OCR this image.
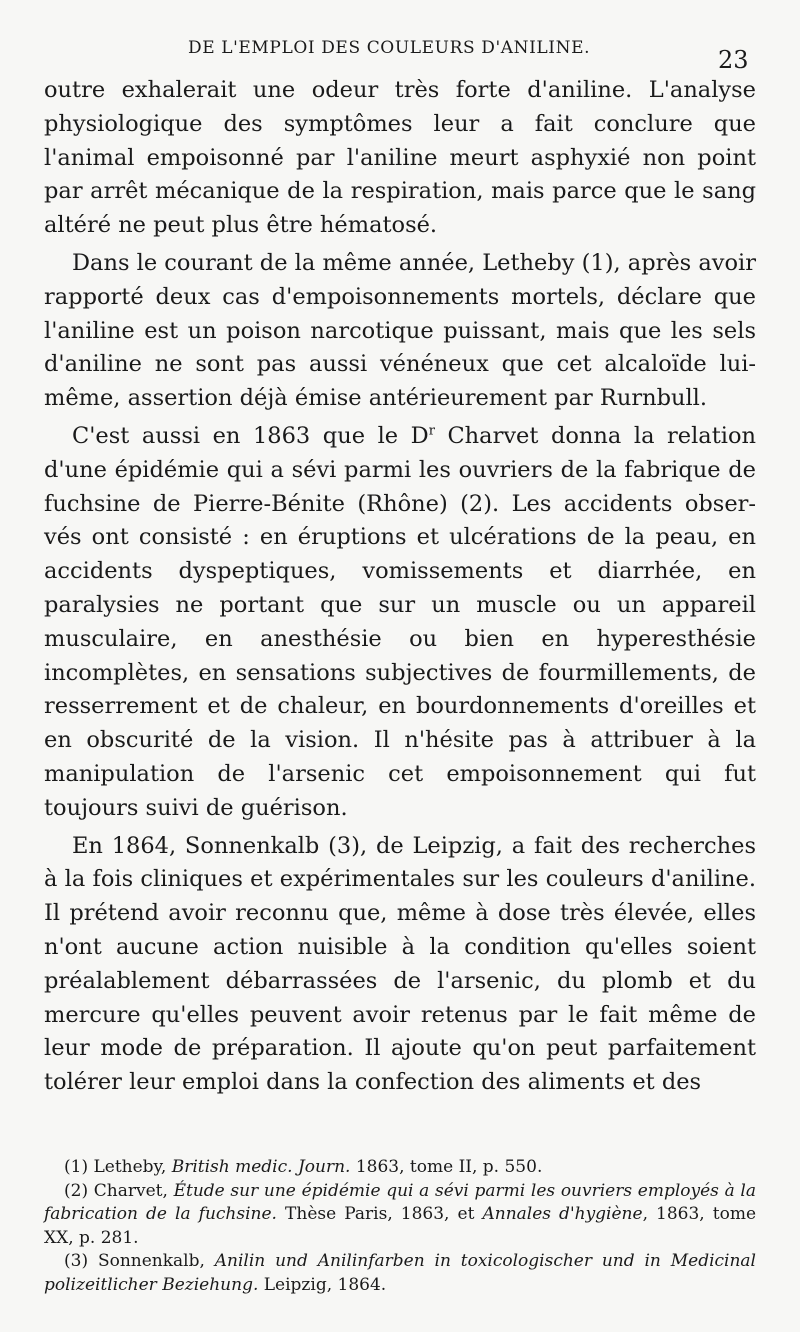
DE L'EMPLOI DES COULEURS D'ANILINE.	23

outre exhalerait une odeur très forte d'aniline. L'analyse physiologique des symptômes leur a fait conclure que l'animal empoisonné par l'aniline meurt asphyxié non point par arrêt mécanique de la respiration, mais parce que le sang altéré ne peut plus être hématosé.

Dans le courant de la même année, Letheby (1), après avoir rapporté deux cas d'empoisonnements mortels, déclare que l'aniline est un poison narcotique puissant, mais que les sels d'aniline ne sont pas aussi vénéneux que cet alcaloïde lui-même, assertion déjà émise antérieurement par Rurnbull.

C'est aussi en 1863 que le $D^r$ Charvet donna la relation d'une épidémie qui a sévi parmi les ouvriers de la fabrique de fuchsine de Pierre-Bénite (Rhône) (2). Les accidents obser- vés ont consisté : en éruptions et ulcérations de la peau, en accidents dyspeptiques, vomissements et diarrhée, en paralysies ne portant que sur un muscle ou un appareil musculaire, en anesthésie ou bien en hyperesthésie incomplètes, en sensations subjectives de fourmillements, de resserrement et de chaleur, en bourdonnements d'oreilles et en obscurité de la vision. Il n'hésite pas à attribuer à la manipulation de l'arsenic cet empoisonnement qui fut toujours suivi de guérison.

En 1864, Sonnenkalb (3), de Leipzig, a fait des recherches à la fois cliniques et expérimentales sur les couleurs d'aniline. Il prétend avoir reconnu que, même à dose très élevée, elles n'ont aucune action nuisible à la condition qu'elles soient préalablement débarrassées de l'arsenic, du plomb et du mercure qu'elles peuvent avoir retenus par le fait même de leur mode de préparation. Il ajoute qu'on peut parfaitement tolérer leur emploi dans la confection des aliments et des

(1) Letheby, British medic. Journ. 1863, tome II, p. 550.

(2) Charvet, Étude sur une épidémie qui a sévi parmi les ouvriers employés à la fabrication de la fuchsine. Thèse Paris, 1863, et Annales d'hygiène, 1863, tome XX, p. 281.

(3) Sonnenkalb, Anilin und Anilinfarben in toxicologischer und in Medicinal polizeitlicher Beziehung. Leipzig, 1864.
